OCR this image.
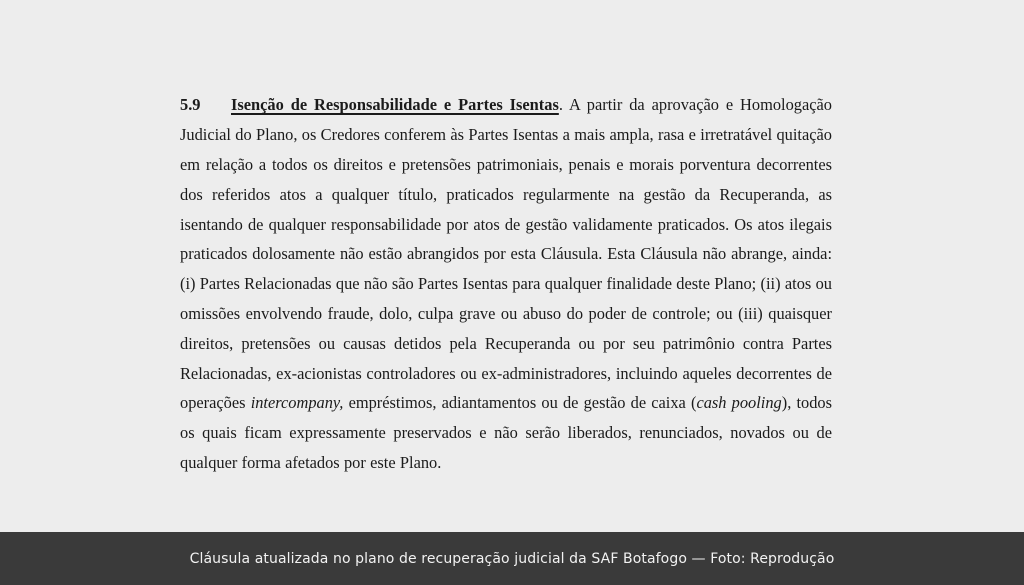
5.9 Isenção de Responsabilidade e Partes Isentas. A partir da aprovação e Homologação Judicial do Plano, os Credores conferem às Partes Isentas a mais ampla, rasa e irretratável quitação em relação a todos os direitos e pretensões patrimoniais, penais e morais porventura decorrentes dos referidos atos a qualquer título, praticados regularmente na gestão da Recuperanda, as isentando de qualquer responsabilidade por atos de gestão validamente praticados. Os atos ilegais praticados dolosamente não estão abrangidos por esta Cláusula. Esta Cláusula não abrange, ainda: (i) Partes Relacionadas que não são Partes Isentas para qualquer finalidade deste Plano; (ii) atos ou omissões envolvendo fraude, dolo, culpa grave ou abuso do poder de controle; ou (iii) quaisquer direitos, pretensões ou causas detidos pela Recuperanda ou por seu patrimônio contra Partes Relacionadas, ex-acionistas controladores ou ex-administradores, incluindo aqueles decorrentes de operações intercompany, empréstimos, adiantamentos ou de gestão de caixa (cash pooling), todos os quais ficam expressamente preservados e não serão liberados, renunciados, novados ou de qualquer forma afetados por este Plano.

Cláusula atualizada no plano de recuperação judicial da SAF Botafogo — Foto: Reprodução
